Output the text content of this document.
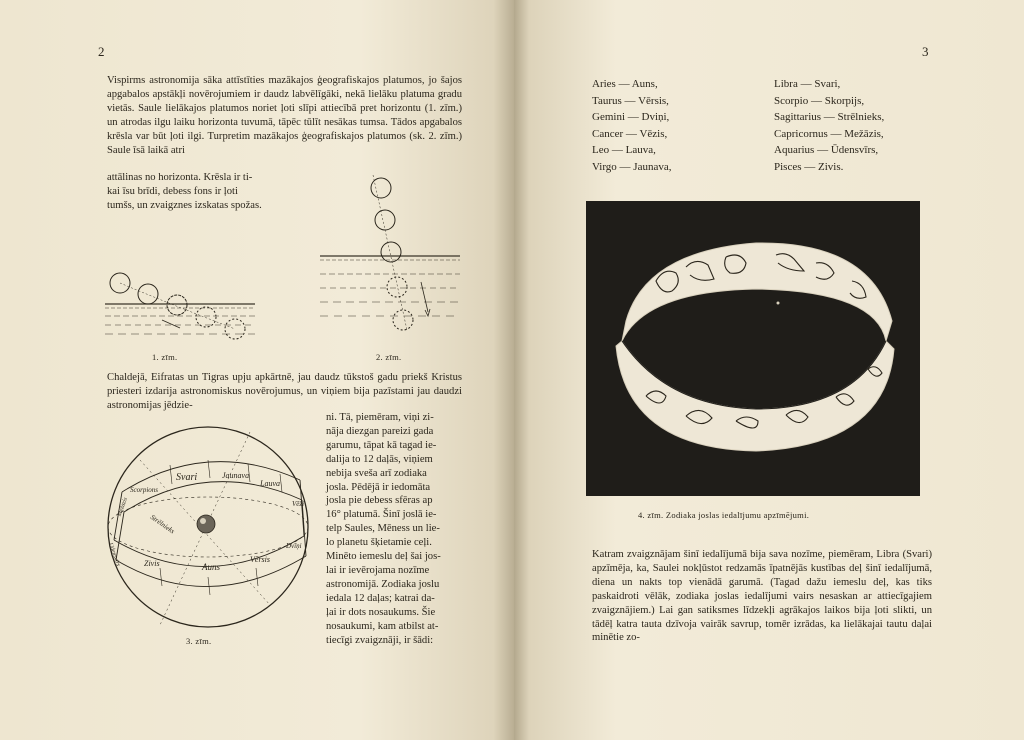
2
Vispirms astronomija sāka attīstīties mazākajos ģeografiskajos platumos, jo šajos apgabalos apstākļi novērojumiem ir daudz labvēlīgāki, nekā lielāku platuma gradu vietās. Saule lielākajos platumos noriet ļoti slīpi attiecībā pret horizontu (1. zīm.) un atrodas ilgu laiku horizonta tuvumā, tāpēc tūlīt nesākas tumsa. Tādos apgabalos krēsla var būt ļoti ilgi. Turpretim mazākajos ģeografiskajos platumos (sk. 2. zīm.) Saule īsā laikā atri
attālinas no horizonta. Krēsla ir ti-
kai īsu brīdi, debess fons ir ļoti
tumšs, un zvaigznes izskatas spožas.
1. zīm.	2. zīm.
Chaldejā, Eifratas un Tigras upju apkārtnē, jau daudz tūkstoš gadu priekš Kristus priesteri izdarija astronomiskus novērojumus, un viņiem bija pazīstami jau daudzi astronomijas jēdzie-
ni. Tā, piemēram, viņi zi-
nāja diezgan pareizi gada
garumu, tāpat kā tagad ie-
dalija to 12 daļās, viņiem
nebija sveša arī zodiaka
josla. Pēdējā ir iedomāta
josla pie debess sfēras ap
16° platumā. Šinī joslā ie-
telp Saules, Mēness un lie-
lo planetu šķietamie ceļi.
Minēto iemeslu deļ šai jos-
lai ir ievērojama nozīme
astronomijā. Zodiaka joslu
iedala 12 daļas; katrai da-
ļai ir dots nosaukums. Šie
nosaukumi, kam atbilst at-
tiecīgi zvaigznāji, ir šādi:
Svari	Jaunava
Lauva
Vēži
Scorpions
Dvīņi
Vērsis
Auns
Zivis
Udensvirs
Mežazis
Strēlnieks
3. zīm.
3
Aries — Auns,
Taurus — Vērsis,
Gemini — Dviņi,
Cancer — Vēzis,
Leo — Lauva,
Virgo — Jaunava,
Libra — Svari,
Scorpio — Skorpijs,
Sagittarius — Strēlnieks,
Capricornus — Mežāzis,
Aquarius — Ūdensvīrs,
Pisces — Zivis.
4. zīm. Zodiaka joslas iedalījumu apzīmējumi.
Katram zvaigznājam šinī iedalījumā bija sava nozīme, piemēram, Libra (Svari) apzīmēja, ka, Saulei nokļūstot redzamās īpatnējās kustības deļ šinī iedalījumā, diena un nakts top vienādā garumā. (Tagad dažu iemeslu deļ, kas tiks paskaidroti vēlāk, zodiaka joslas iedalījumi vairs nesaskan ar attiecīgajiem zvaigznājiem.) Lai gan satiksmes līdzekļi agrākajos laikos bija ļoti slikti, un tādēļ katra tauta dzīvoja vairāk savrup, tomēr izrādas, ka lielākajai tautu daļai minētie zo-
